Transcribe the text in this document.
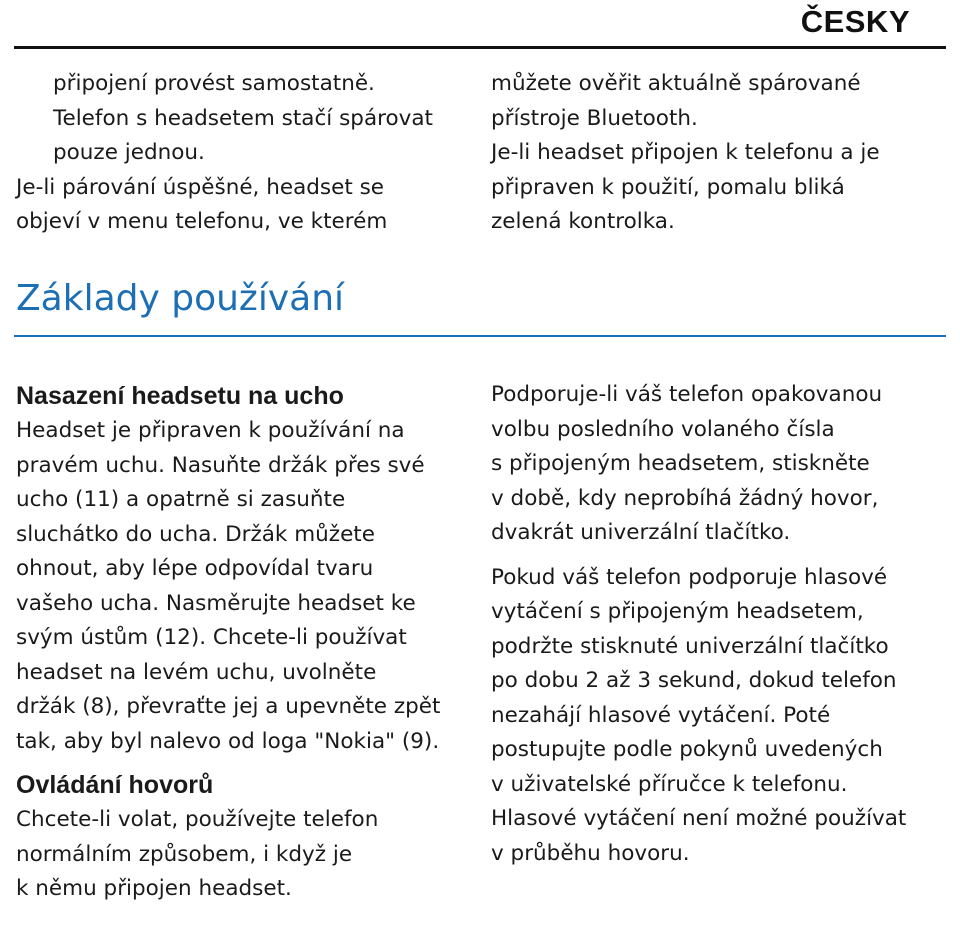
ČESKY

připojení provést samostatně.

Telefon s headsetem stačí spárovat

pouze jednou.

Je-li párování úspěšné, headset se

objeví v menu telefonu, ve kterém

můžete ověřit aktuálně spárované

přístroje Bluetooth.

Je-li headset připojen k telefonu a je

připraven k použití, pomalu bliká

zelená kontrolka.

Základy používání
Nasazení headsetu na ucho

Headset je připraven k používání na

pravém uchu. Nasuňte držák přes své

ucho (11) a opatrně si zasuňte

sluchátko do ucha. Držák můžete

ohnout, aby lépe odpovídal tvaru

vašeho ucha. Nasměrujte headset ke

svým ústům (12). Chcete-li používat

headset na levém uchu, uvolněte

držák (8), převraťte jej a upevněte zpět

tak, aby byl nalevo od loga "Nokia" (9).

Ovládání hovorů

Chcete-li volat, používejte telefon

normálním způsobem, i když je

k němu připojen headset.

Podporuje-li váš telefon opakovanou

volbu posledního volaného čísla

s připojeným headsetem, stiskněte

v době, kdy neprobíhá žádný hovor,

dvakrát univerzální tlačítko.

Pokud váš telefon podporuje hlasové

vytáčení s připojeným headsetem,

podržte stisknuté univerzální tlačítko

po dobu 2 až 3 sekund, dokud telefon

nezahájí hlasové vytáčení. Poté

postupujte podle pokynů uvedených

v uživatelské příručce k telefonu.

Hlasové vytáčení není možné používat

v průběhu hovoru.
